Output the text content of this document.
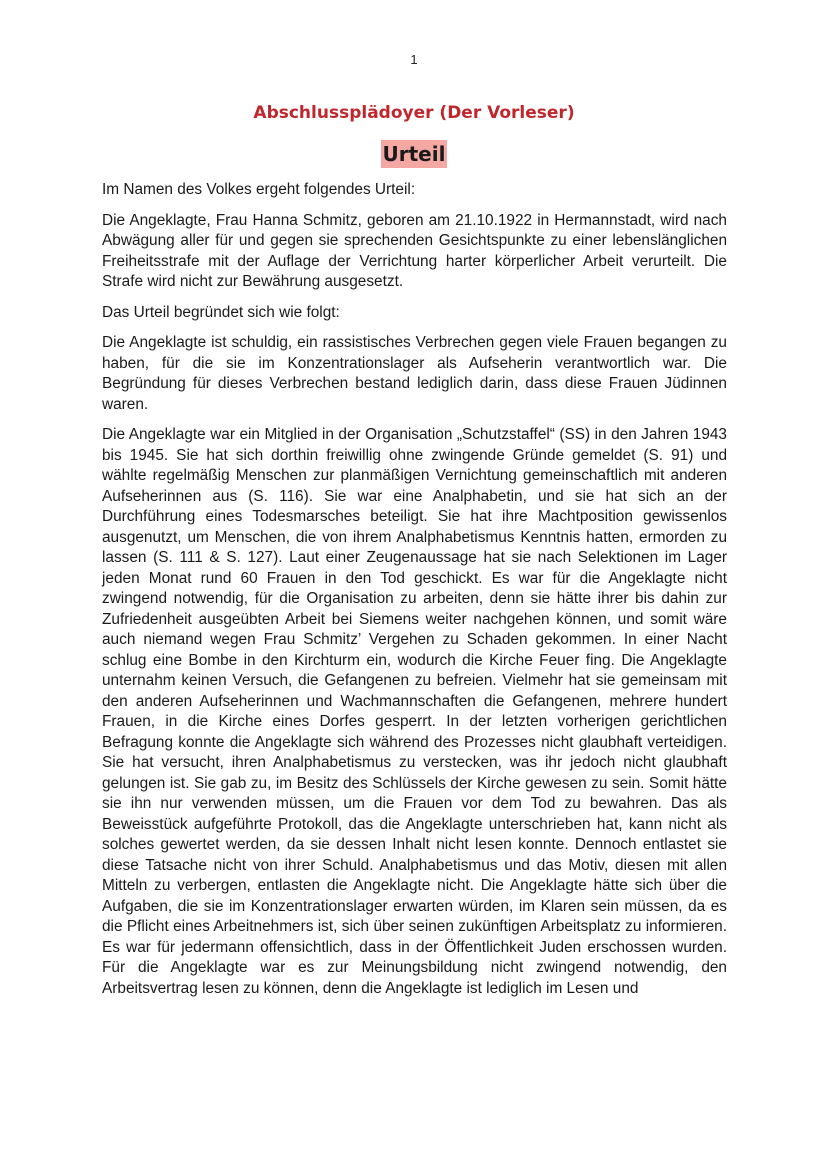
1
Abschlussplädoyer (Der Vorleser)
Urteil

Im Namen des Volkes ergeht folgendes Urteil:

Die Angeklagte, Frau Hanna Schmitz, geboren am 21.10.1922 in Hermannstadt, wird nach Abwägung aller für und gegen sie sprechenden Gesichtspunkte zu einer lebenslänglichen Freiheitsstrafe mit der Auflage der Verrichtung harter körperlicher Arbeit verurteilt. Die Strafe wird nicht zur Bewährung ausgesetzt.

Das Urteil begründet sich wie folgt:

Die Angeklagte ist schuldig, ein rassistisches Verbrechen gegen viele Frauen begangen zu haben, für die sie im Konzentrationslager als Aufseherin verantwortlich war. Die Begründung für dieses Verbrechen bestand lediglich darin, dass diese Frauen Jüdinnen waren.

Die Angeklagte war ein Mitglied in der Organisation „Schutzstaffel“ (SS) in den Jahren 1943 bis 1945. Sie hat sich dorthin freiwillig ohne zwingende Gründe gemeldet (S. 91) und wählte regelmäßig Menschen zur planmäßigen Vernichtung gemeinschaftlich mit anderen Aufseherinnen aus (S. 116). Sie war eine Analphabetin, und sie hat sich an der Durchführung eines Todesmarsches beteiligt. Sie hat ihre Machtposition gewissenlos ausgenutzt, um Menschen, die von ihrem Analphabetismus Kenntnis hatten, ermorden zu lassen (S. 111 & S. 127). Laut einer Zeugenaussage hat sie nach Selektionen im Lager jeden Monat rund 60 Frauen in den Tod geschickt. Es war für die Angeklagte nicht zwingend notwendig, für die Organisation zu arbeiten, denn sie hätte ihrer bis dahin zur Zufriedenheit ausgeübten Arbeit bei Siemens weiter nachgehen können, und somit wäre auch niemand wegen Frau Schmitz’ Vergehen zu Schaden gekommen. In einer Nacht schlug eine Bombe in den Kirchturm ein, wodurch die Kirche Feuer fing. Die Angeklagte unternahm keinen Versuch, die Gefangenen zu befreien. Vielmehr hat sie gemeinsam mit den anderen Aufseherinnen und Wachmannschaften die Gefangenen, mehrere hundert Frauen, in die Kirche eines Dorfes gesperrt. In der letzten vorherigen gerichtlichen Befragung konnte die Angeklagte sich während des Prozesses nicht glaubhaft verteidigen. Sie hat versucht, ihren Analphabetismus zu verstecken, was ihr jedoch nicht glaubhaft gelungen ist. Sie gab zu, im Besitz des Schlüssels der Kirche gewesen zu sein. Somit hätte sie ihn nur verwenden müssen, um die Frauen vor dem Tod zu bewahren. Das als Beweisstück aufgeführte Protokoll, das die Angeklagte unterschrieben hat, kann nicht als solches gewertet werden, da sie dessen Inhalt nicht lesen konnte. Dennoch entlastet sie diese Tatsache nicht von ihrer Schuld. Analphabetismus und das Motiv, diesen mit allen Mitteln zu verbergen, entlasten die Angeklagte nicht. Die Angeklagte hätte sich über die Aufgaben, die sie im Konzentrationslager erwarten würden, im Klaren sein müssen, da es die Pflicht eines Arbeitnehmers ist, sich über seinen zukünftigen Arbeitsplatz zu informieren. Es war für jedermann offensichtlich, dass in der Öffentlichkeit Juden erschossen wurden. Für die Angeklagte war es zur Meinungsbildung nicht zwingend notwendig, den Arbeitsvertrag lesen zu können, denn die Angeklagte ist lediglich im Lesen und
